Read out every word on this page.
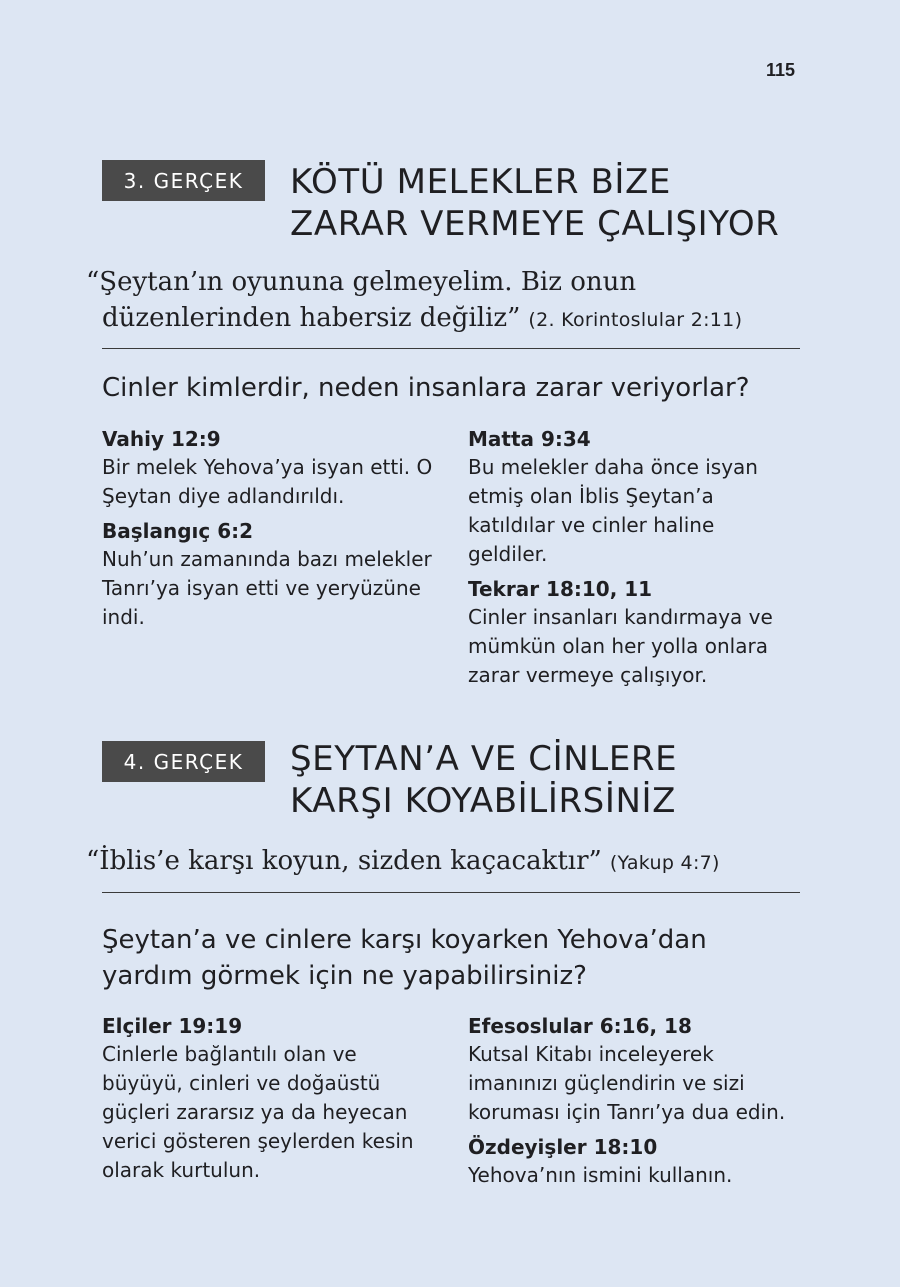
115
3. GERÇEK	KÖTÜ MELEKLER BİZE
ZARAR VERMEYE ÇALIŞIYOR
“Şeytan’ın oyununa gelmeyelim. Biz onun
düzenlerinden habersiz değiliz” (2. Korintoslular 2:11)
Cinler kimlerdir, neden insanlara zarar veriyorlar?

Vahiy 12:9

Bir melek Yehova’ya isyan etti. O Şeytan diye adlandırıldı.

Başlangıç 6:2

Nuh’un zamanında bazı melekler Tanrı’ya isyan etti ve yeryüzüne indi.

Matta 9:34

Bu melekler daha önce isyan etmiş olan İblis Şeytan’a katıldılar ve cinler haline geldiler.

Tekrar 18:10, 11

Cinler insanları kandırmaya ve mümkün olan her yolla onlara zarar vermeye çalışıyor.

4. GERÇEK	ŞEYTAN’A VE CİNLERE
KARŞI KOYABİLİRSİNİZ
“İblis’e karşı koyun, sizden kaçacaktır” (Yakup 4:7)
Şeytan’a ve cinlere karşı koyarken Yehova’dan
yardım görmek için ne yapabilirsiniz?

Elçiler 19:19

Cinlerle bağlantılı olan ve büyüyü, cinleri ve doğaüstü güçleri zararsız ya da heyecan verici gösteren şeylerden kesin olarak kurtulun.

Efesoslular 6:16, 18

Kutsal Kitabı inceleyerek imanınızı güçlendirin ve sizi koruması için Tanrı’ya dua edin.

Özdeyişler 18:10

Yehova’nın ismini kullanın.
